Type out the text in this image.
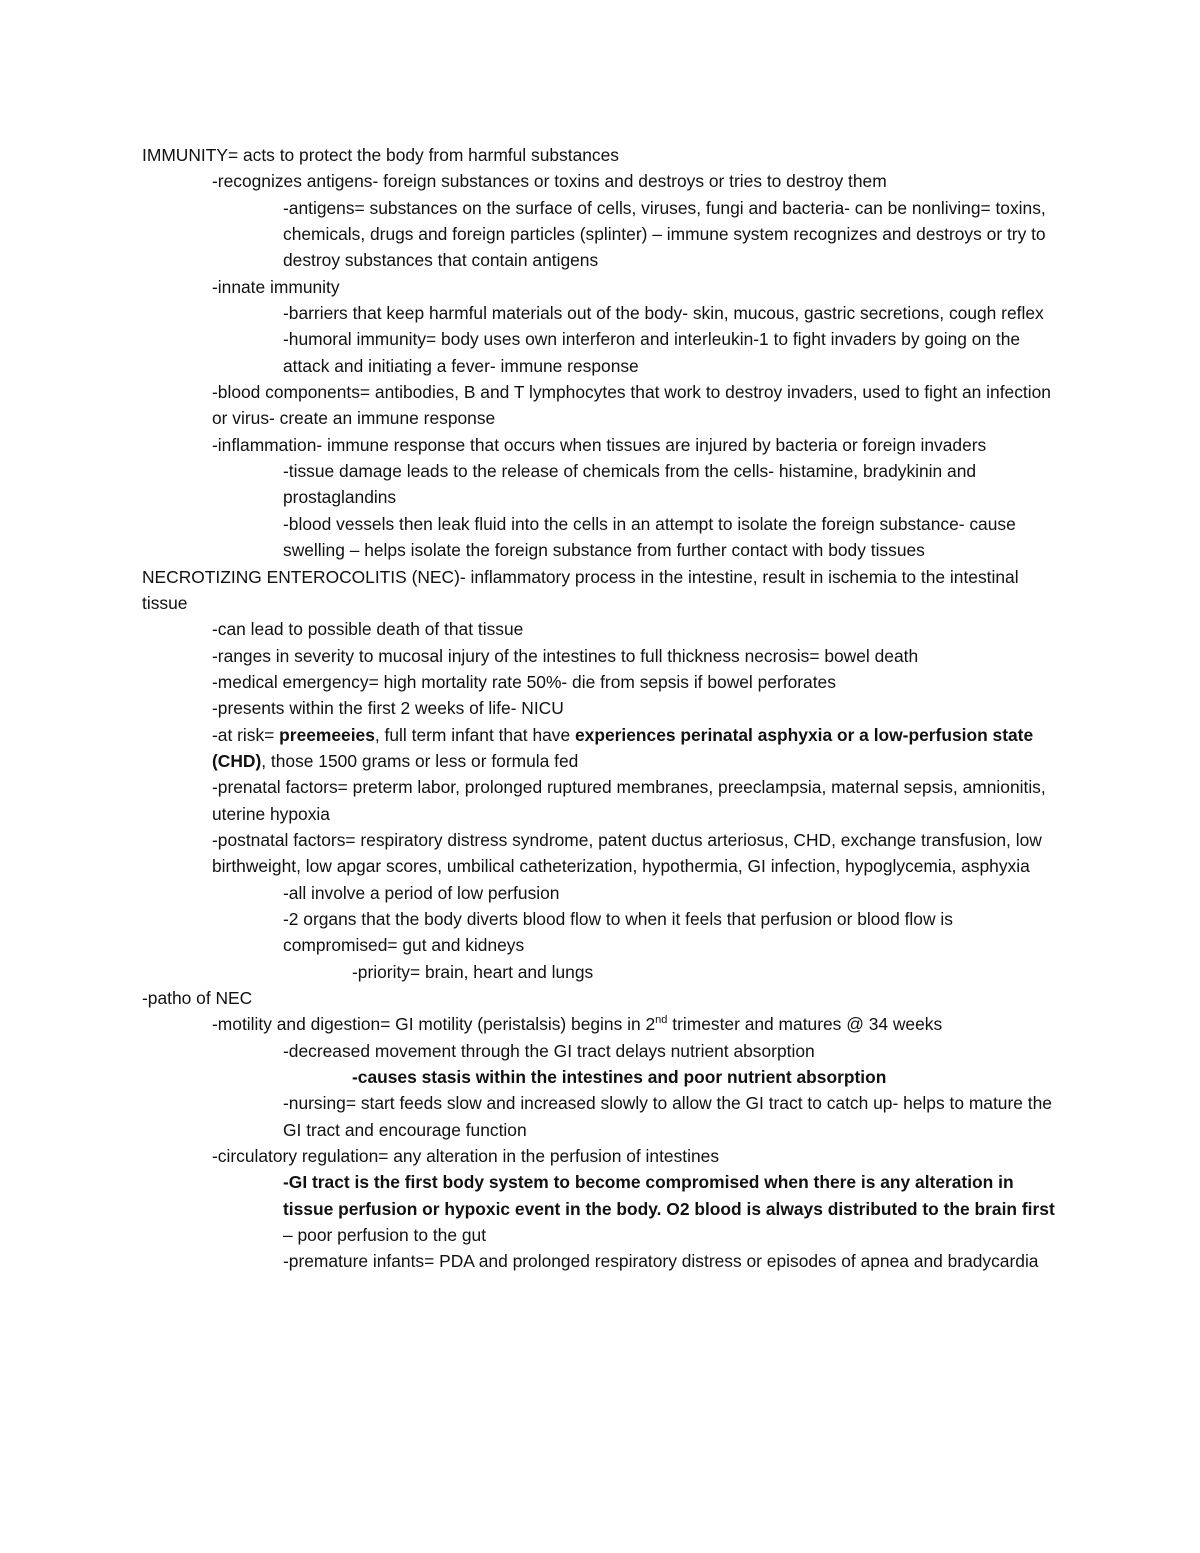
IMMUNITY= acts to protect the body from harmful substances

-recognizes antigens- foreign substances or toxins and destroys or tries to destroy them

-antigens= substances on the surface of cells, viruses, fungi and bacteria- can be nonliving= toxins, chemicals, drugs and foreign particles (splinter) – immune system recognizes and destroys or try to destroy substances that contain antigens

-innate immunity

-barriers that keep harmful materials out of the body- skin, mucous, gastric secretions, cough reflex

-humoral immunity= body uses own interferon and interleukin-1 to fight invaders by going on the attack and initiating a fever- immune response

-blood components= antibodies, B and T lymphocytes that work to destroy invaders, used to fight an infection or virus- create an immune response

-inflammation- immune response that occurs when tissues are injured by bacteria or foreign invaders

-tissue damage leads to the release of chemicals from the cells- histamine, bradykinin and prostaglandins

-blood vessels then leak fluid into the cells in an attempt to isolate the foreign substance- cause swelling – helps isolate the foreign substance from further contact with body tissues

NECROTIZING ENTEROCOLITIS (NEC)- inflammatory process in the intestine, result in ischemia to the intestinal tissue

-can lead to possible death of that tissue

-ranges in severity to mucosal injury of the intestines to full thickness necrosis= bowel death

-medical emergency= high mortality rate 50%- die from sepsis if bowel perforates

-presents within the first 2 weeks of life- NICU

-at risk= preemeeies, full term infant that have experiences perinatal asphyxia or a low-perfusion state (CHD), those 1500 grams or less or formula fed

-prenatal factors= preterm labor, prolonged ruptured membranes, preeclampsia, maternal sepsis, amnionitis, uterine hypoxia

-postnatal factors= respiratory distress syndrome, patent ductus arteriosus, CHD, exchange transfusion, low birthweight, low apgar scores, umbilical catheterization, hypothermia, GI infection, hypoglycemia, asphyxia

-all involve a period of low perfusion

-2 organs that the body diverts blood flow to when it feels that perfusion or blood flow is compromised= gut and kidneys

-priority= brain, heart and lungs

-patho of NEC

-motility and digestion= GI motility (peristalsis) begins in 2nd trimester and matures @ 34 weeks

-decreased movement through the GI tract delays nutrient absorption

-causes stasis within the intestines and poor nutrient absorption

-nursing= start feeds slow and increased slowly to allow the GI tract to catch up- helps to mature the GI tract and encourage function

-circulatory regulation= any alteration in the perfusion of intestines

-GI tract is the first body system to become compromised when there is any alteration in tissue perfusion or hypoxic event in the body. O2 blood is always distributed to the brain first – poor perfusion to the gut

-premature infants= PDA and prolonged respiratory distress or episodes of apnea and bradycardia
